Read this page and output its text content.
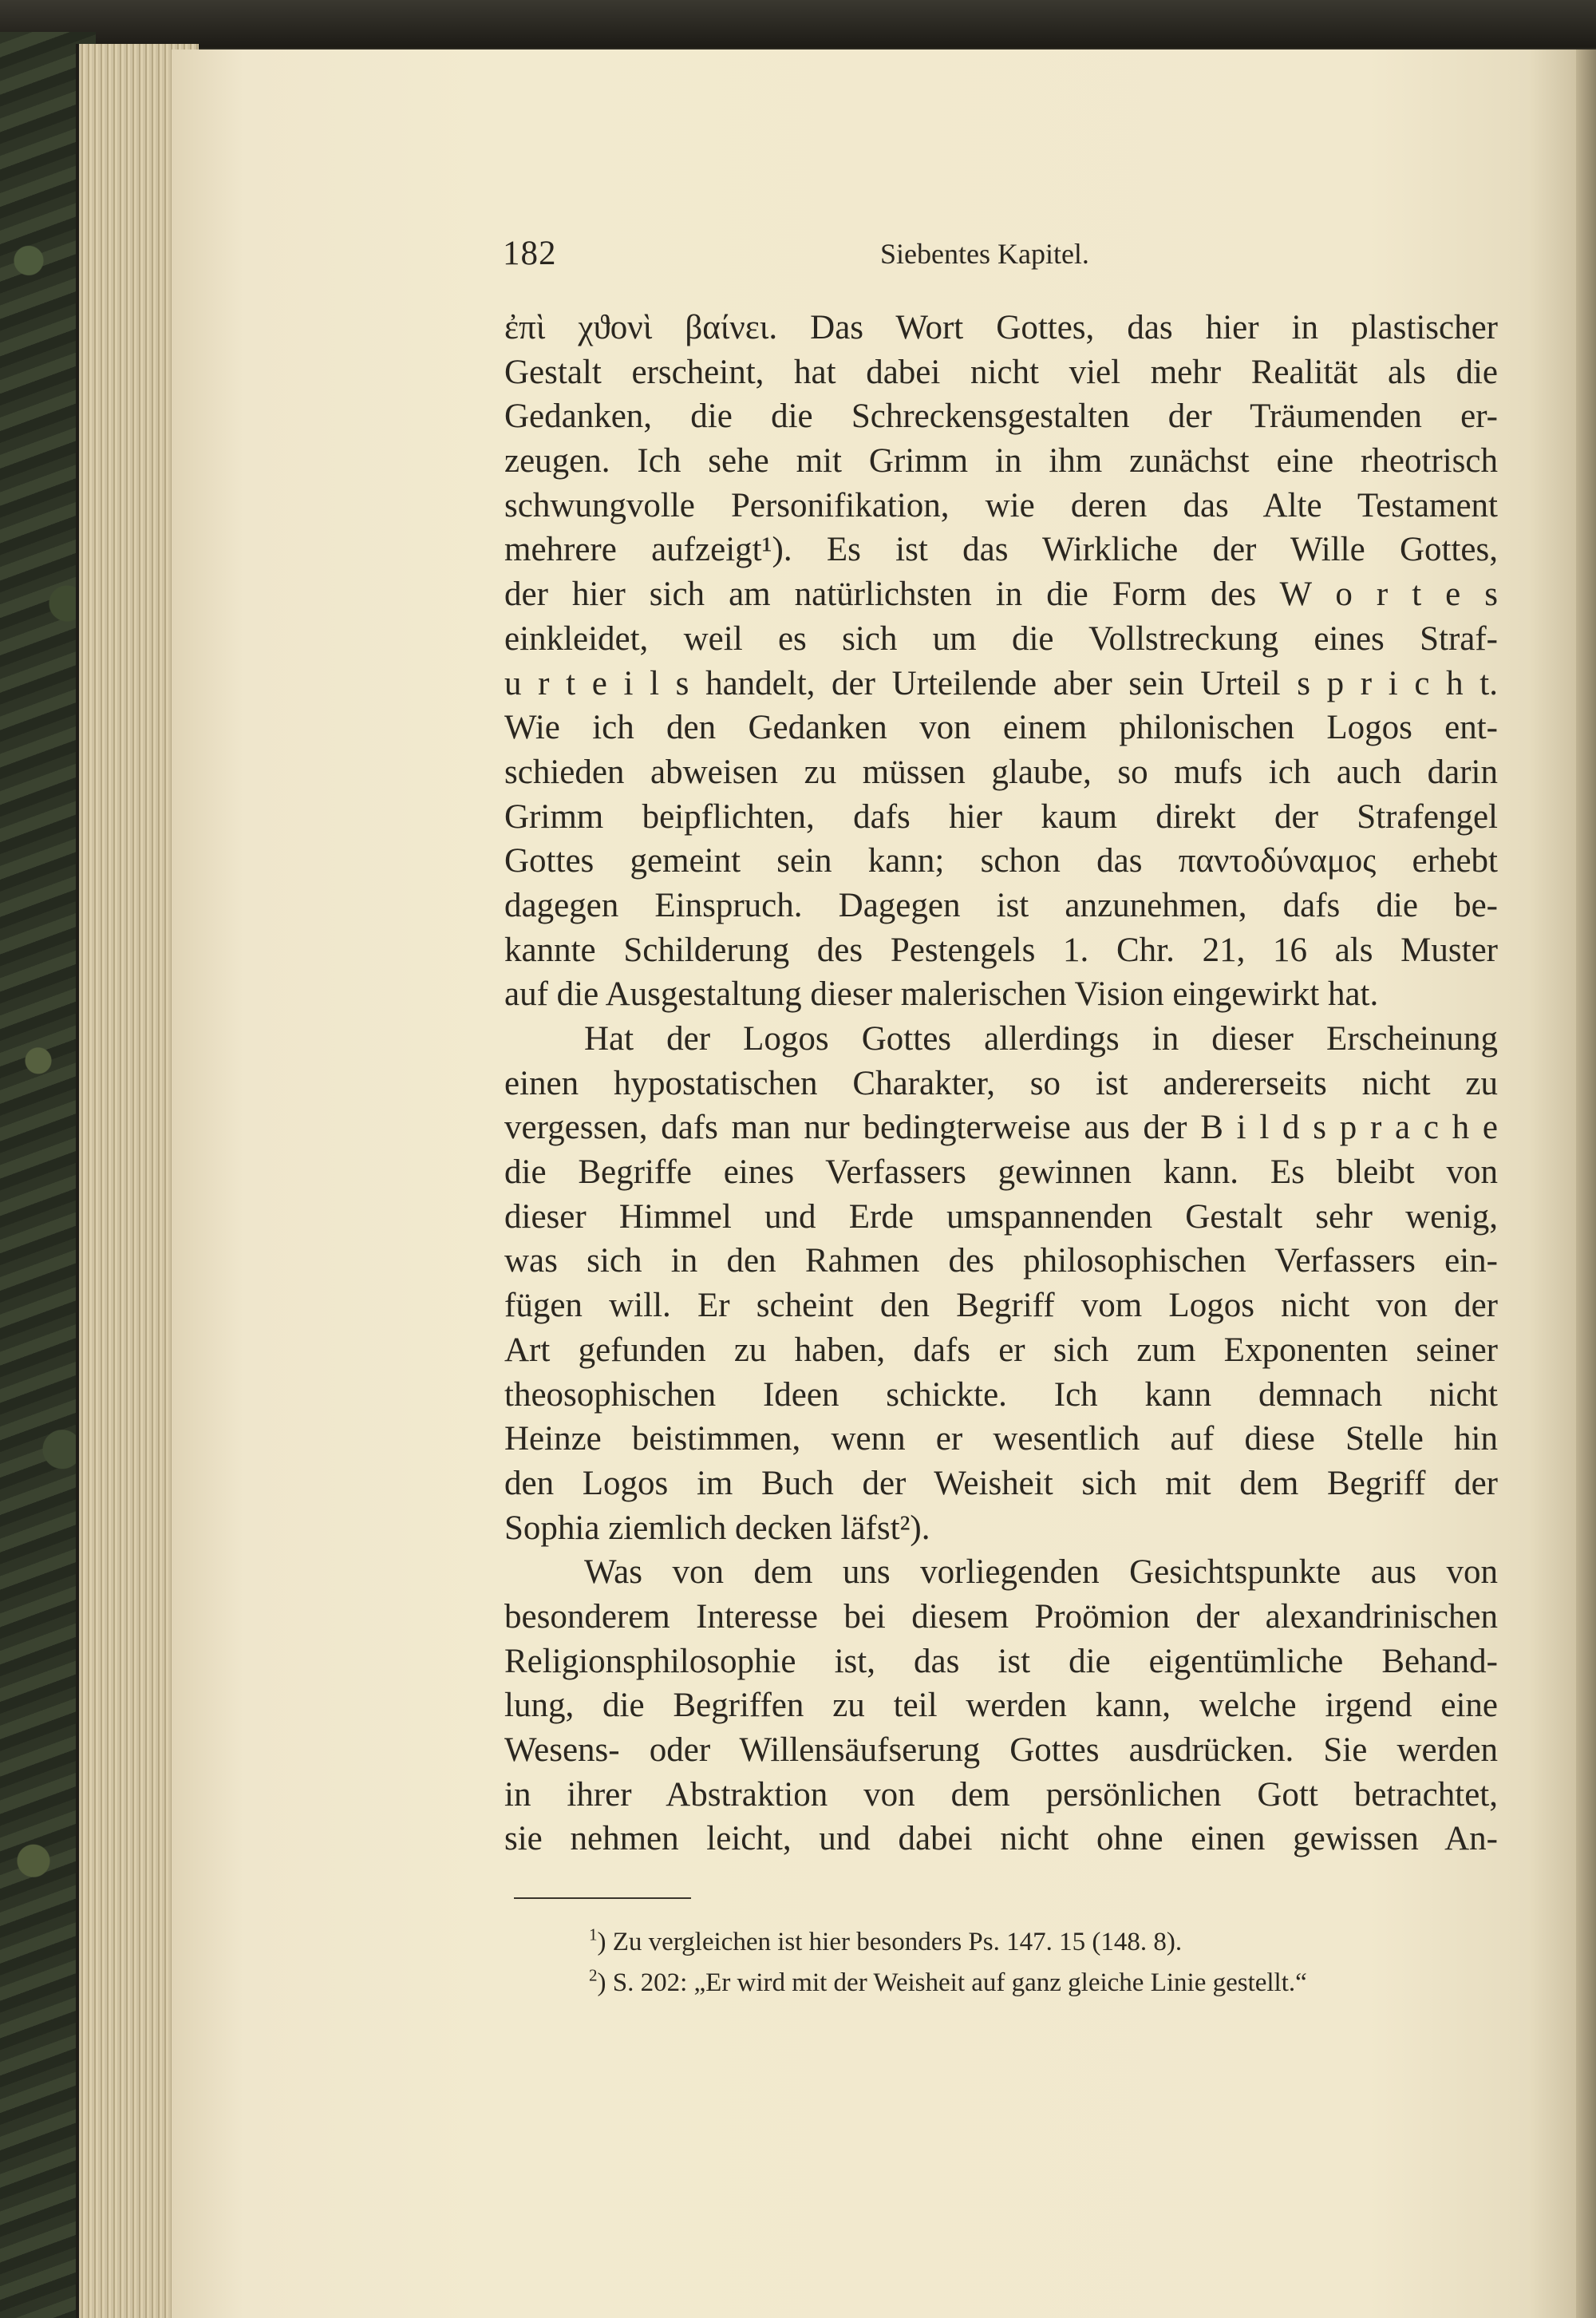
182	Siebentes Kapitel.
ἐπὶ χϑονὶ βαίνει. Das Wort Gottes, das hier in plastischer
Gestalt erscheint, hat dabei nicht viel mehr Realität als die
Gedanken, die die Schreckensgestalten der Träumenden er-
zeugen. Ich sehe mit Grimm in ihm zunächst eine rheotrisch
schwungvolle Personifikation, wie deren das Alte Testament
mehrere aufzeigt¹). Es ist das Wirkliche der Wille Gottes,
der hier sich am natürlichsten in die Form des W o r t e s
einkleidet, weil es sich um die Vollstreckung eines Straf-
u r t e i l s handelt, der Urteilende aber sein Urteil s p r i c h t.
Wie ich den Gedanken von einem philonischen Logos ent-
schieden abweisen zu müssen glaube, so mufs ich auch darin
Grimm beipflichten, dafs hier kaum direkt der Strafengel
Gottes gemeint sein kann; schon das παντοδύναμος erhebt
dagegen Einspruch. Dagegen ist anzunehmen, dafs die be-
kannte Schilderung des Pestengels 1. Chr. 21, 16 als Muster
auf die Ausgestaltung dieser malerischen Vision eingewirkt hat.
Hat der Logos Gottes allerdings in dieser Erscheinung
einen hypostatischen Charakter, so ist andererseits nicht zu
vergessen, dafs man nur bedingterweise aus der B i l d s p r a c h e
die Begriffe eines Verfassers gewinnen kann. Es bleibt von
dieser Himmel und Erde umspannenden Gestalt sehr wenig,
was sich in den Rahmen des philosophischen Verfassers ein-
fügen will. Er scheint den Begriff vom Logos nicht von der
Art gefunden zu haben, dafs er sich zum Exponenten seiner
theosophischen Ideen schickte. Ich kann demnach nicht
Heinze beistimmen, wenn er wesentlich auf diese Stelle hin
den Logos im Buch der Weisheit sich mit dem Begriff der
Sophia ziemlich decken läfst²).
Was von dem uns vorliegenden Gesichtspunkte aus von
besonderem Interesse bei diesem Proömion der alexandrinischen
Religionsphilosophie ist, das ist die eigentümliche Behand-
lung, die Begriffen zu teil werden kann, welche irgend eine
Wesens- oder Willensäufserung Gottes ausdrücken. Sie werden
in ihrer Abstraktion von dem persönlichen Gott betrachtet,
sie nehmen leicht, und dabei nicht ohne einen gewissen An-
$^1$) Zu vergleichen ist hier besonders Ps. 147. 15 (148. 8).
$^2$) S. 202: „Er wird mit der Weisheit auf ganz gleiche Linie gestellt.“
